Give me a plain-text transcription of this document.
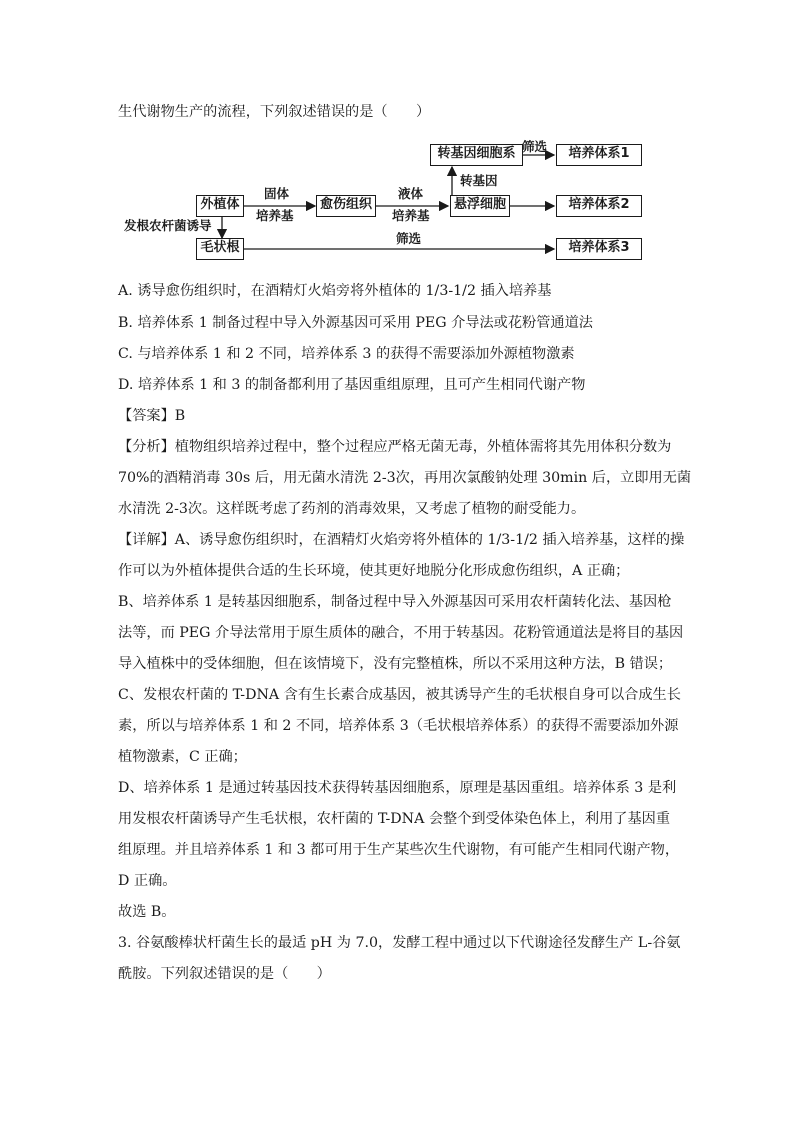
生代谢物生产的流程，下列叙述错误的是（　　）
外植体	愈伤组织	悬浮细胞
转基因细胞系
毛状根
培养体系1
培养体系2
培养体系3
固体
培养基
液体
培养基
转基因
筛选
筛选
发根农杆菌诱导
A. 诱导愈伤组织时，在酒精灯火焰旁将外植体的 1/3-1/2 插入培养基
B. 培养体系 1 制备过程中导入外源基因可采用 PEG 介导法或花粉管通道法
C. 与培养体系 1 和 2 不同，培养体系 3 的获得不需要添加外源植物激素
D. 培养体系 1 和 3 的制备都利用了基因重组原理，且可产生相同代谢产物
【答案】B
【分析】植物组织培养过程中，整个过程应严格无菌无毒，外植体需将其先用体积分数为
70%的酒精消毒 30s 后，用无菌水清洗 2-3次，再用次氯酸钠处理 30min 后，立即用无菌
水清洗 2-3次。这样既考虑了药剂的消毒效果，又考虑了植物的耐受能力。
【详解】A、诱导愈伤组织时，在酒精灯火焰旁将外植体的 1/3-1/2 插入培养基，这样的操
作可以为外植体提供合适的生长环境，使其更好地脱分化形成愈伤组织，A 正确；
B、培养体系 1 是转基因细胞系，制备过程中导入外源基因可采用农杆菌转化法、基因枪
法等，而 PEG 介导法常用于原生质体的融合，不用于转基因。花粉管通道法是将目的基因
导入植株中的受体细胞，但在该情境下，没有完整植株，所以不采用这种方法，B 错误；
C、发根农杆菌的 T-DNA 含有生长素合成基因，被其诱导产生的毛状根自身可以合成生长
素，所以与培养体系 1 和 2 不同，培养体系 3（毛状根培养体系）的获得不需要添加外源
植物激素，C 正确；
D、培养体系 1 是通过转基因技术获得转基因细胞系，原理是基因重组。培养体系 3 是利
用发根农杆菌诱导产生毛状根，农杆菌的 T-DNA 会整个到受体染色体上，利用了基因重
组原理。并且培养体系 1 和 3 都可用于生产某些次生代谢物，有可能产生相同代谢产物，
D 正确。
故选 B。
3. 谷氨酸棒状杆菌生长的最适 pH 为 7.0，发酵工程中通过以下代谢途径发酵生产 L-谷氨
酰胺。下列叙述错误的是（　　）
